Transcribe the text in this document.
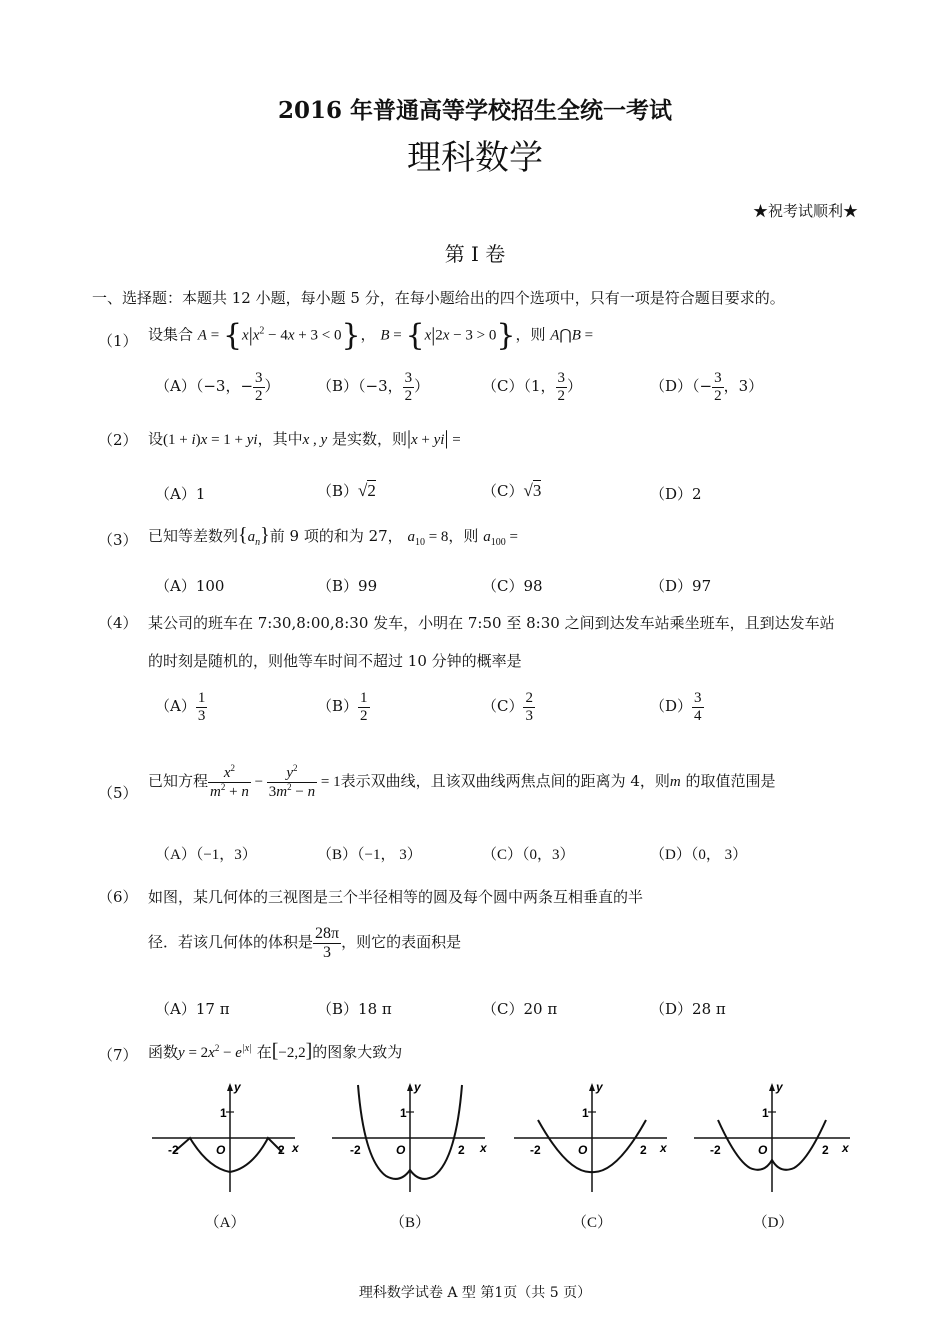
2016 年普通高等学校招生全统一考试
理科数学
★祝考试顺利★
第 I 卷
一、选择题：本题共 12 小题，每小题 5 分，在每小题给出的四个选项中，只有一项是符合题目要求的。
（1） 设集合 $A = \{x|x^2 - 4x + 3 < 0\}$， B = {x|2x − 3 > 0}，则 A⋂B =
（A）（−3，− $\frac{3}{2}$ ） （B）（−3， $\frac{3}{2}$ ）	（C）（1， $\frac{3}{2}$ ）	$(D)(- \frac{3}{2}$ ，3）
（2） 设(1 + i)x = 1 + yi，其中x , y 是实数，则|x + yi| =
（A）1	（B）√2	（C）√3	（D）2
（3） 已知等差数列$\{a_n\}$前 9 项的和为 27， $a_{10} = 8$，则 $a_{100}$ =
（A）100	（B）99	（C）98	（D）97
（4） 某公司的班车在 7:30,8:00,8:30 发车，小明在 7:50 至 8:30 之间到达发车站乘坐班车，且到达发车站
的时刻是随机的，则他等车时间不超过 10 分钟的概率是
$(A) \frac{1}{3}$	$(B) \frac{1}{2}$	$(C) \frac{2}{3}$	$(D) \frac{3}{4}$
（5）
已知方程 $\frac{x^2}{m^2 + n} - \frac{y^2}{3m^2 - n} = 1$表示双曲线，且该双曲线两焦点间的距离为 4，则m 的取值范围是
（A）（−1，3）	（B）（−1， 3）	（C）（0，3）	（D）（0， 3）
（6） 如图，某几何体的三视图是三个半径相等的圆及每个圆中两条互相垂直的半
径．若该几何体的体积是 $\frac{28\pi}{3}$ ，则它的表面积是
（A）17 π	（B）18 π	（C）20 π	（D）28 π
（7） 函数$y = 2x^2 - e^{|x|}$ 在[−2,2]的图象大致为
y
x
O
1
-2	2
（A）
y
x
O
1
-2	2
（B）
y
x
O
1
-2	2
（C）
y
x
O
1
-2	2
（D）
理科数学试卷 A 型 第1页（共 5 页）
